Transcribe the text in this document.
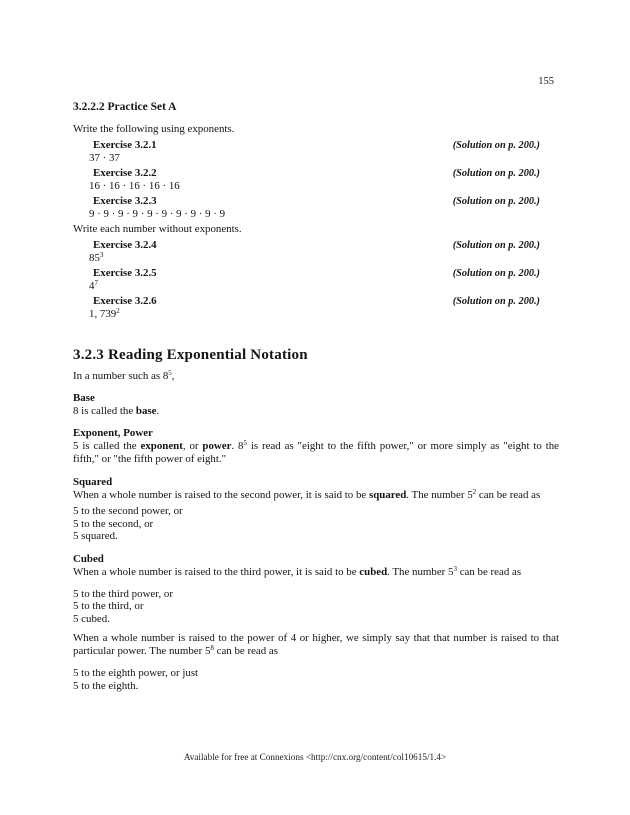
155
3.2.2.2 Practice Set A
Write the following using exponents.
Exercise 3.2.1	(Solution on p. 200.)
37 · 37
Exercise 3.2.2	(Solution on p. 200.)
16 · 16 · 16 · 16 · 16
Exercise 3.2.3	(Solution on p. 200.)
9 · 9 · 9 · 9 · 9 · 9 · 9 · 9 · 9 · 9
Write each number without exponents.
Exercise 3.2.4	(Solution on p. 200.)
$85^3$
Exercise 3.2.5	(Solution on p. 200.)
$4^7$
Exercise 3.2.6	(Solution on p. 200.)
1, $739^2$
3.2.3 Reading Exponential Notation
In a number such as $8^5$,
Base
8 is called the base.
Exponent, Power
5 is called the exponent, or power. $8^5$ is read as "eight to the fifth power," or more simply as "eight to the fifth," or "the fifth power of eight."
Squared
When a whole number is raised to the second power, it is said to be squared. The number $5^2$ can be read as
5 to the second power, or
5 to the second, or
5 squared.
Cubed
When a whole number is raised to the third power, it is said to be cubed. The number $5^3$ can be read as
5 to the third power, or
5 to the third, or
5 cubed.
When a whole number is raised to the power of 4 or higher, we simply say that that number is raised to that particular power. The number $5^8$ can be read as
5 to the eighth power, or just
5 to the eighth.
Available for free at Connexions <http://cnx.org/content/col10615/1.4>
